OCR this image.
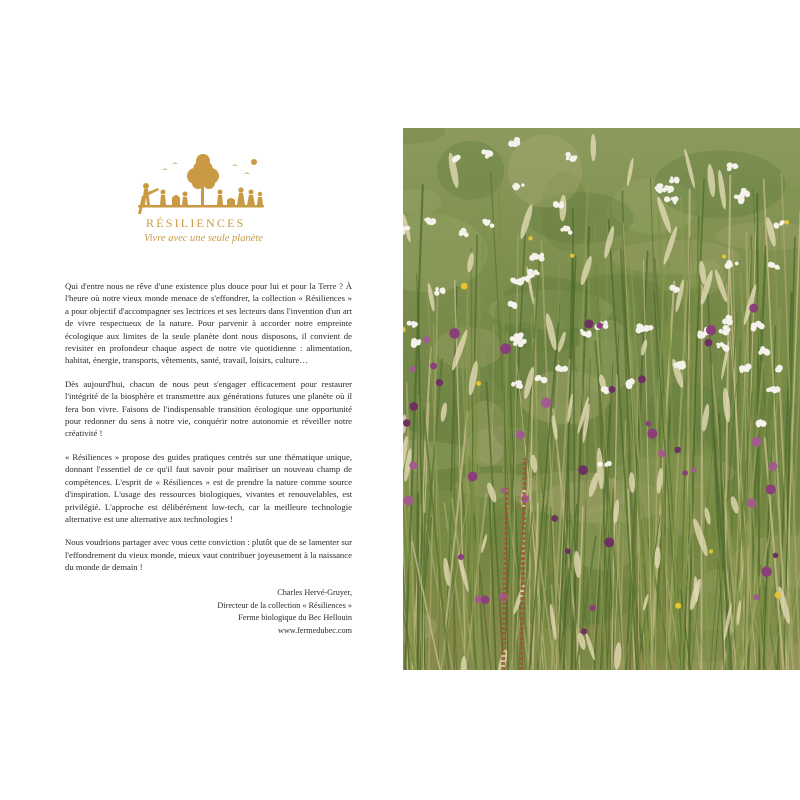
RÉSILIENCES
Vivre avec une seule planète

Qui d'entre nous ne rêve d'une existence plus douce pour lui et pour la Terre ? À l'heure où notre vieux monde menace de s'effondrer, la collection « Résiliences » a pour objectif d'accompagner ses lectrices et ses lecteurs dans l'invention d'un art de vivre respectueux de la nature. Pour parvenir à accorder notre empreinte écologique aux limites de la seule planète dont nous disposons, il convient de revisiter en profondeur chaque aspect de notre vie quotidienne : alimentation, habitat, énergie, transports, vêtements, santé, travail, loisirs, culture…

Dès aujourd'hui, chacun de nous peut s'engager efficacement pour restaurer l'intégrité de la biosphère et transmettre aux générations futures une planète où il fera bon vivre. Faisons de l'indispensable transition écologique une opportunité pour redonner du sens à notre vie, conquérir notre autonomie et réveiller notre créativité !

« Résiliences » propose des guides pratiques centrés sur une thématique unique, donnant l'essentiel de ce qu'il faut savoir pour maîtriser un nouveau champ de compétences. L'esprit de « Résiliences » est de prendre la nature comme source d'inspiration. L'usage des ressources biologiques, vivantes et renouvelables, est privilégié. L'approche est délibérément low-tech, car la meilleure technologie alternative est une alternative aux technologies !

Nous voudrions partager avec vous cette conviction : plutôt que de se lamenter sur l'effondrement du vieux monde, mieux vaut contribuer joyeusement à la naissance du monde de demain !

Charles Hervé-Gruyer,
Directeur de la collection « Résiliences »
Ferme biologique du Bec Hellouin
www.fermedubec.com
